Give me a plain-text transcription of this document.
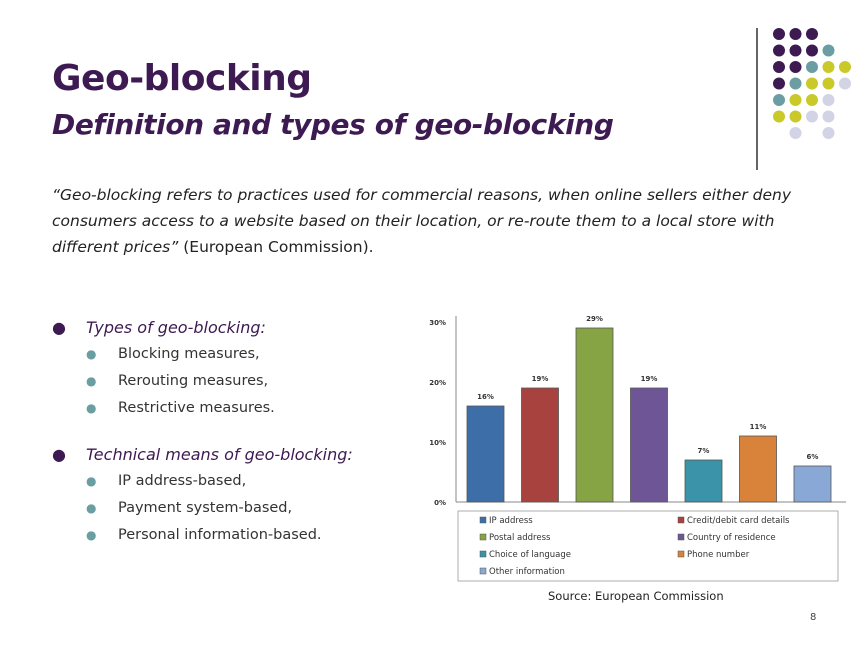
Geo-blocking
Definition and types of geo-blocking

“Geo-blocking refers to practices used for commercial reasons, when online sellers either deny consumers access to a website based on their location, or re-route them to a local store with different prices” (European Commission).

● Types of geo-blocking:
● Blocking measures,
● Rerouting measures,
● Restrictive measures.
● Technical means of geo-blocking:
● IP address-based,
● Payment system-based,
● Personal information-based.
0%
10%
20%
30%
16%
19%
29%
19%
7%
11%
6%
IP address	Credit/debit card details
Postal address	Country of residence
Choice of language	Phone number
Other information
Source: European Commission
8
